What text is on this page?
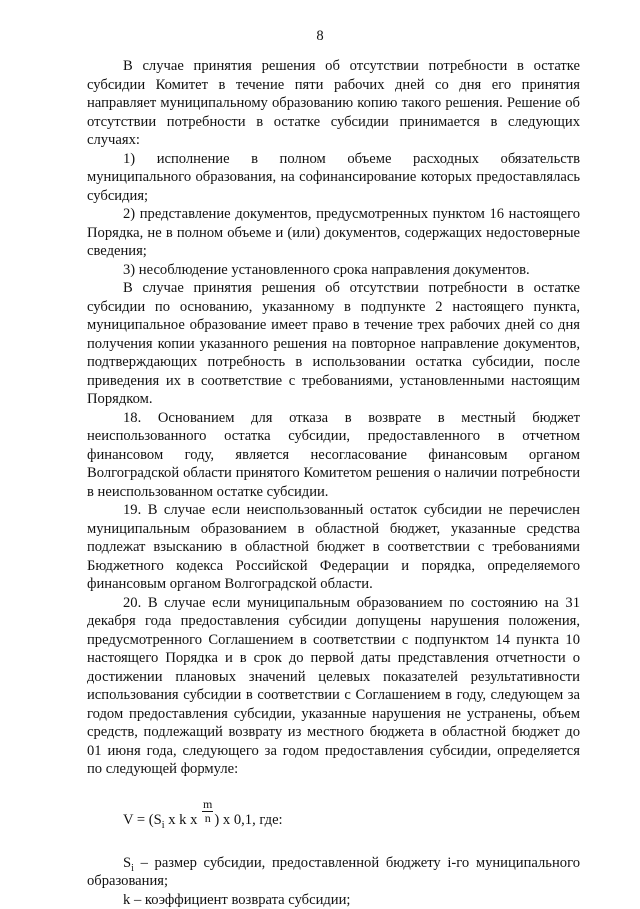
8

В случае принятия решения об отсутствии потребности в остатке субсидии Комитет в течение пяти рабочих дней со дня его принятия направляет муниципальному образованию копию такого решения. Решение об отсутствии потребности в остатке субсидии принимается в следующих случаях:

1) исполнение в полном объеме расходных обязательств муниципального образования, на софинансирование которых предоставлялась субсидия;

2) представление документов, предусмотренных пунктом 16 настоящего Порядка, не в полном объеме и (или) документов, содержащих недостоверные сведения;

3) несоблюдение установленного срока направления документов.

В случае принятия решения об отсутствии потребности в остатке субсидии по основанию, указанному в подпункте 2 настоящего пункта, муниципальное образование имеет право в течение трех рабочих дней со дня получения копии указанного решения на повторное направление документов, подтверждающих потребность в использовании остатка субсидии, после приведения их в соответствие с требованиями, установленными настоящим Порядком.

18. Основанием для отказа в возврате в местный бюджет неиспользованного остатка субсидии, предоставленного в отчетном финансовом году, является несогласование финансовым органом Волгоградской области принятого Комитетом решения о наличии потребности в неиспользованном остатке субсидии.

19. В случае если неиспользованный остаток субсидии не перечислен муниципальным образованием в областной бюджет, указанные средства подлежат взысканию в областной бюджет в соответствии с требованиями Бюджетного кодекса Российской Федерации и порядка, определяемого финансовым органом Волгоградской области.

20. В случае если муниципальным образованием по состоянию на 31 декабря года предоставления субсидии допущены нарушения положения, предусмотренного Соглашением в соответствии с подпунктом 14 пункта 10 настоящего Порядка и в срок до первой даты представления отчетности о достижении плановых значений целевых показателей результативности использования субсидии в соответствии с Соглашением в году, следующем за годом предоставления субсидии, указанные нарушения не устранены, объем средств, подлежащий возврату из местного бюджета в областной бюджет до 01 июня года, следующего за годом предоставления субсидии, определяется по следующей формуле:

$V = (S_i$ x k x $\frac{m}{n}$ ) x 0,1, где:

$S_i$ – размер субсидии, предоставленной бюджету i-го муниципального образования;

k – коэффициент возврата субсидии;
